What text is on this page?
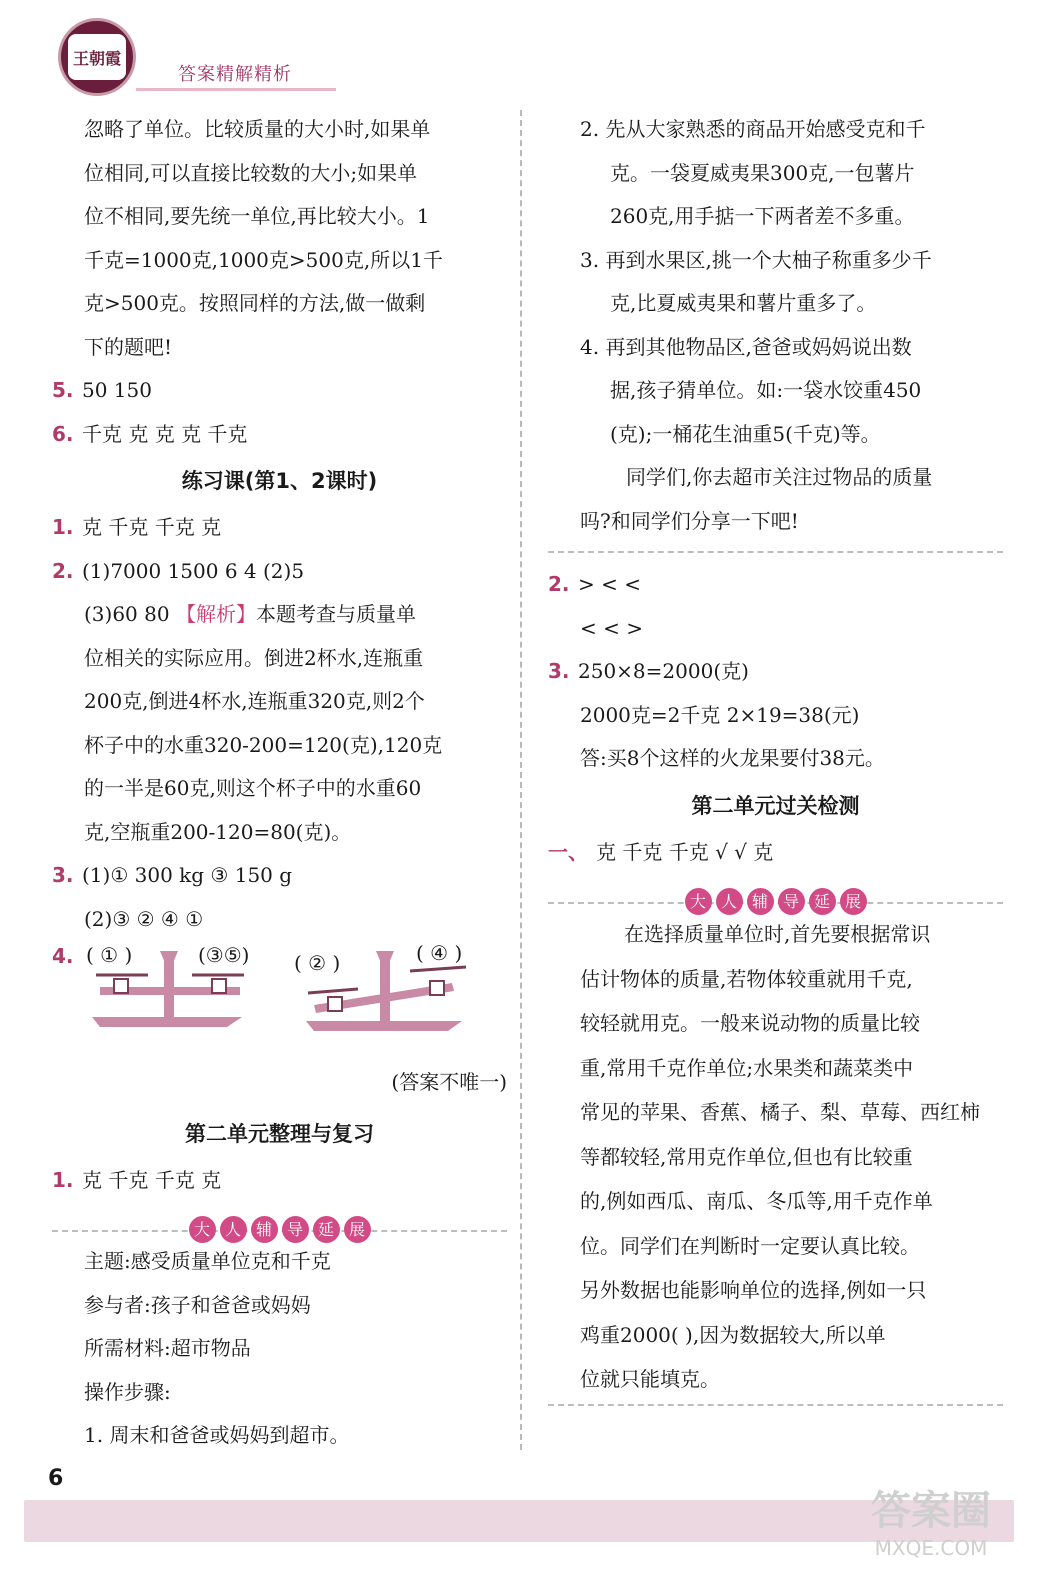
王朝霞
答案精解精析
忽略了单位。比较质量的大小时,如果单
位相同,可以直接比较数的大小;如果单
位不相同,要先统一单位,再比较大小。1
千克=1000克,1000克>500克,所以1千
克>500克。按照同样的方法,做一做剩
下的题吧!
5. 50 150
6. 千克 克 克 克 千克
练习课(第1、2课时)
1. 克 千克 千克 克
2. (1)7000 1500 6 4 (2)5
(3)60 80 【解析】本题考查与质量单
位相关的实际应用。倒进2杯水,连瓶重
200克,倒进4杯水,连瓶重320克,则2个
杯子中的水重320-200=120(克),120克
的一半是60克,则这个杯子中的水重60
克,空瓶重200-120=80(克)。
3. (1)① 300 kg ③ 150 g
(2)③ ② ④ ①
4. ( ① )	(③⑤) ( ② )	( ④ )
(答案不唯一)
第二单元整理与复习
1. 克 千克 千克 克
大 人 辅 导 延 展
主题:感受质量单位克和千克
参与者:孩子和爸爸或妈妈
所需材料:超市物品
操作步骤:
1. 周末和爸爸或妈妈到超市。
2. 先从大家熟悉的商品开始感受克和千
克。一袋夏威夷果300克,一包薯片
260克,用手掂一下两者差不多重。
3. 再到水果区,挑一个大柚子称重多少千
克,比夏威夷果和薯片重多了。
4. 再到其他物品区,爸爸或妈妈说出数
据,孩子猜单位。如:一袋水饺重450
(克);一桶花生油重5(千克)等。
同学们,你去超市关注过物品的质量
吗?和同学们分享一下吧!
2. > < <
< < >
3. 250×8=2000(克)
2000克=2千克 2×19=38(元)
答:买8个这样的火龙果要付38元。
第二单元过关检测
一、 克 千克 千克 √ √ 克
大 人 辅 导 延 展
在选择质量单位时,首先要根据常识
估计物体的质量,若物体较重就用千克,
较轻就用克。一般来说动物的质量比较
重,常用千克作单位;水果类和蔬菜类中
常见的苹果、香蕉、橘子、梨、草莓、西红柿
等都较轻,常用克作单位,但也有比较重
的,例如西瓜、南瓜、冬瓜等,用千克作单
位。同学们在判断时一定要认真比较。
另外数据也能影响单位的选择,例如一只
鸡重2000( ),因为数据较大,所以单
位就只能填克。
6
答案圈
MXQE.COM
